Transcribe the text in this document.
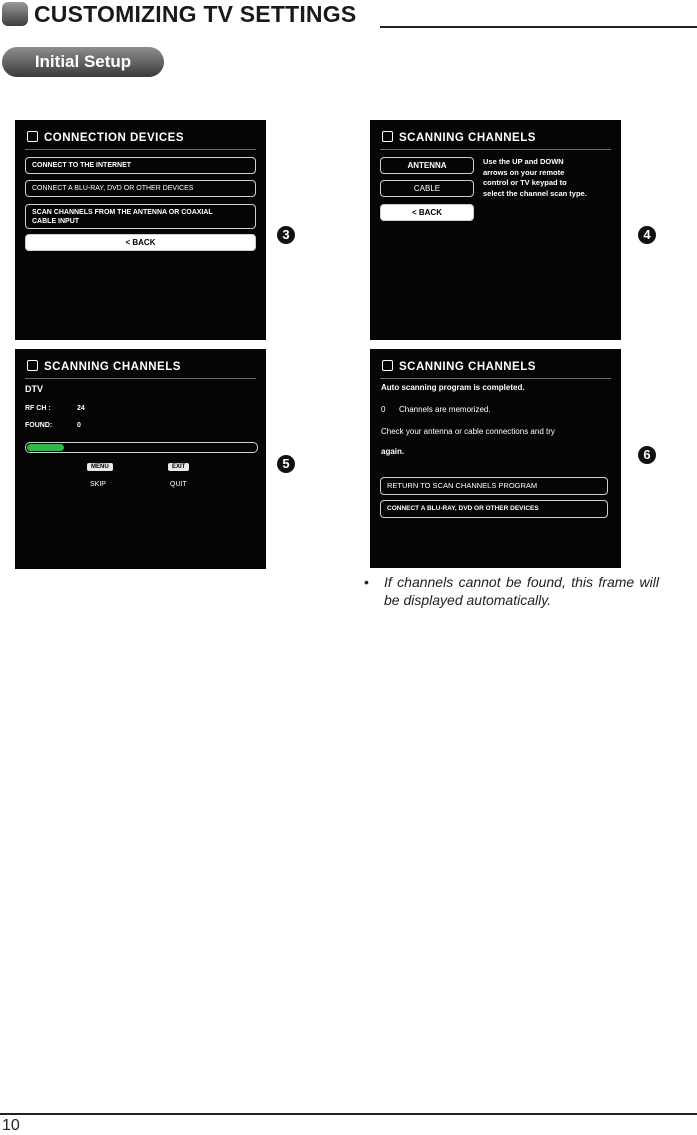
CUSTOMIZING TV SETTINGS
Initial Setup
CONNECTION DEVICES
CONNECT TO THE INTERNET
CONNECT A BLU-RAY, DVD OR OTHER DEVICES
SCAN CHANNELS FROM THE ANTENNA OR COAXIAL
CABLE INPUT
< BACK
3
SCANNING CHANNELS
ANTENNA
CABLE
< BACK
Use the UP and DOWN
arrows on your remote
control or TV keypad to
select the channel scan type.
4
SCANNING CHANNELS
DTV
RF CH :	24
FOUND:	0
MENU
SKIP
EXIT
QUIT
5
SCANNING CHANNELS
Auto scanning program is completed.
0 Channels are memorized.
Check your antenna or cable connections and try
again.
RETURN TO SCAN CHANNELS PROGRAM
CONNECT A BLU-RAY, DVD OR OTHER DEVICES
6
• If channels cannot be found, this frame will be displayed automatically.
10
